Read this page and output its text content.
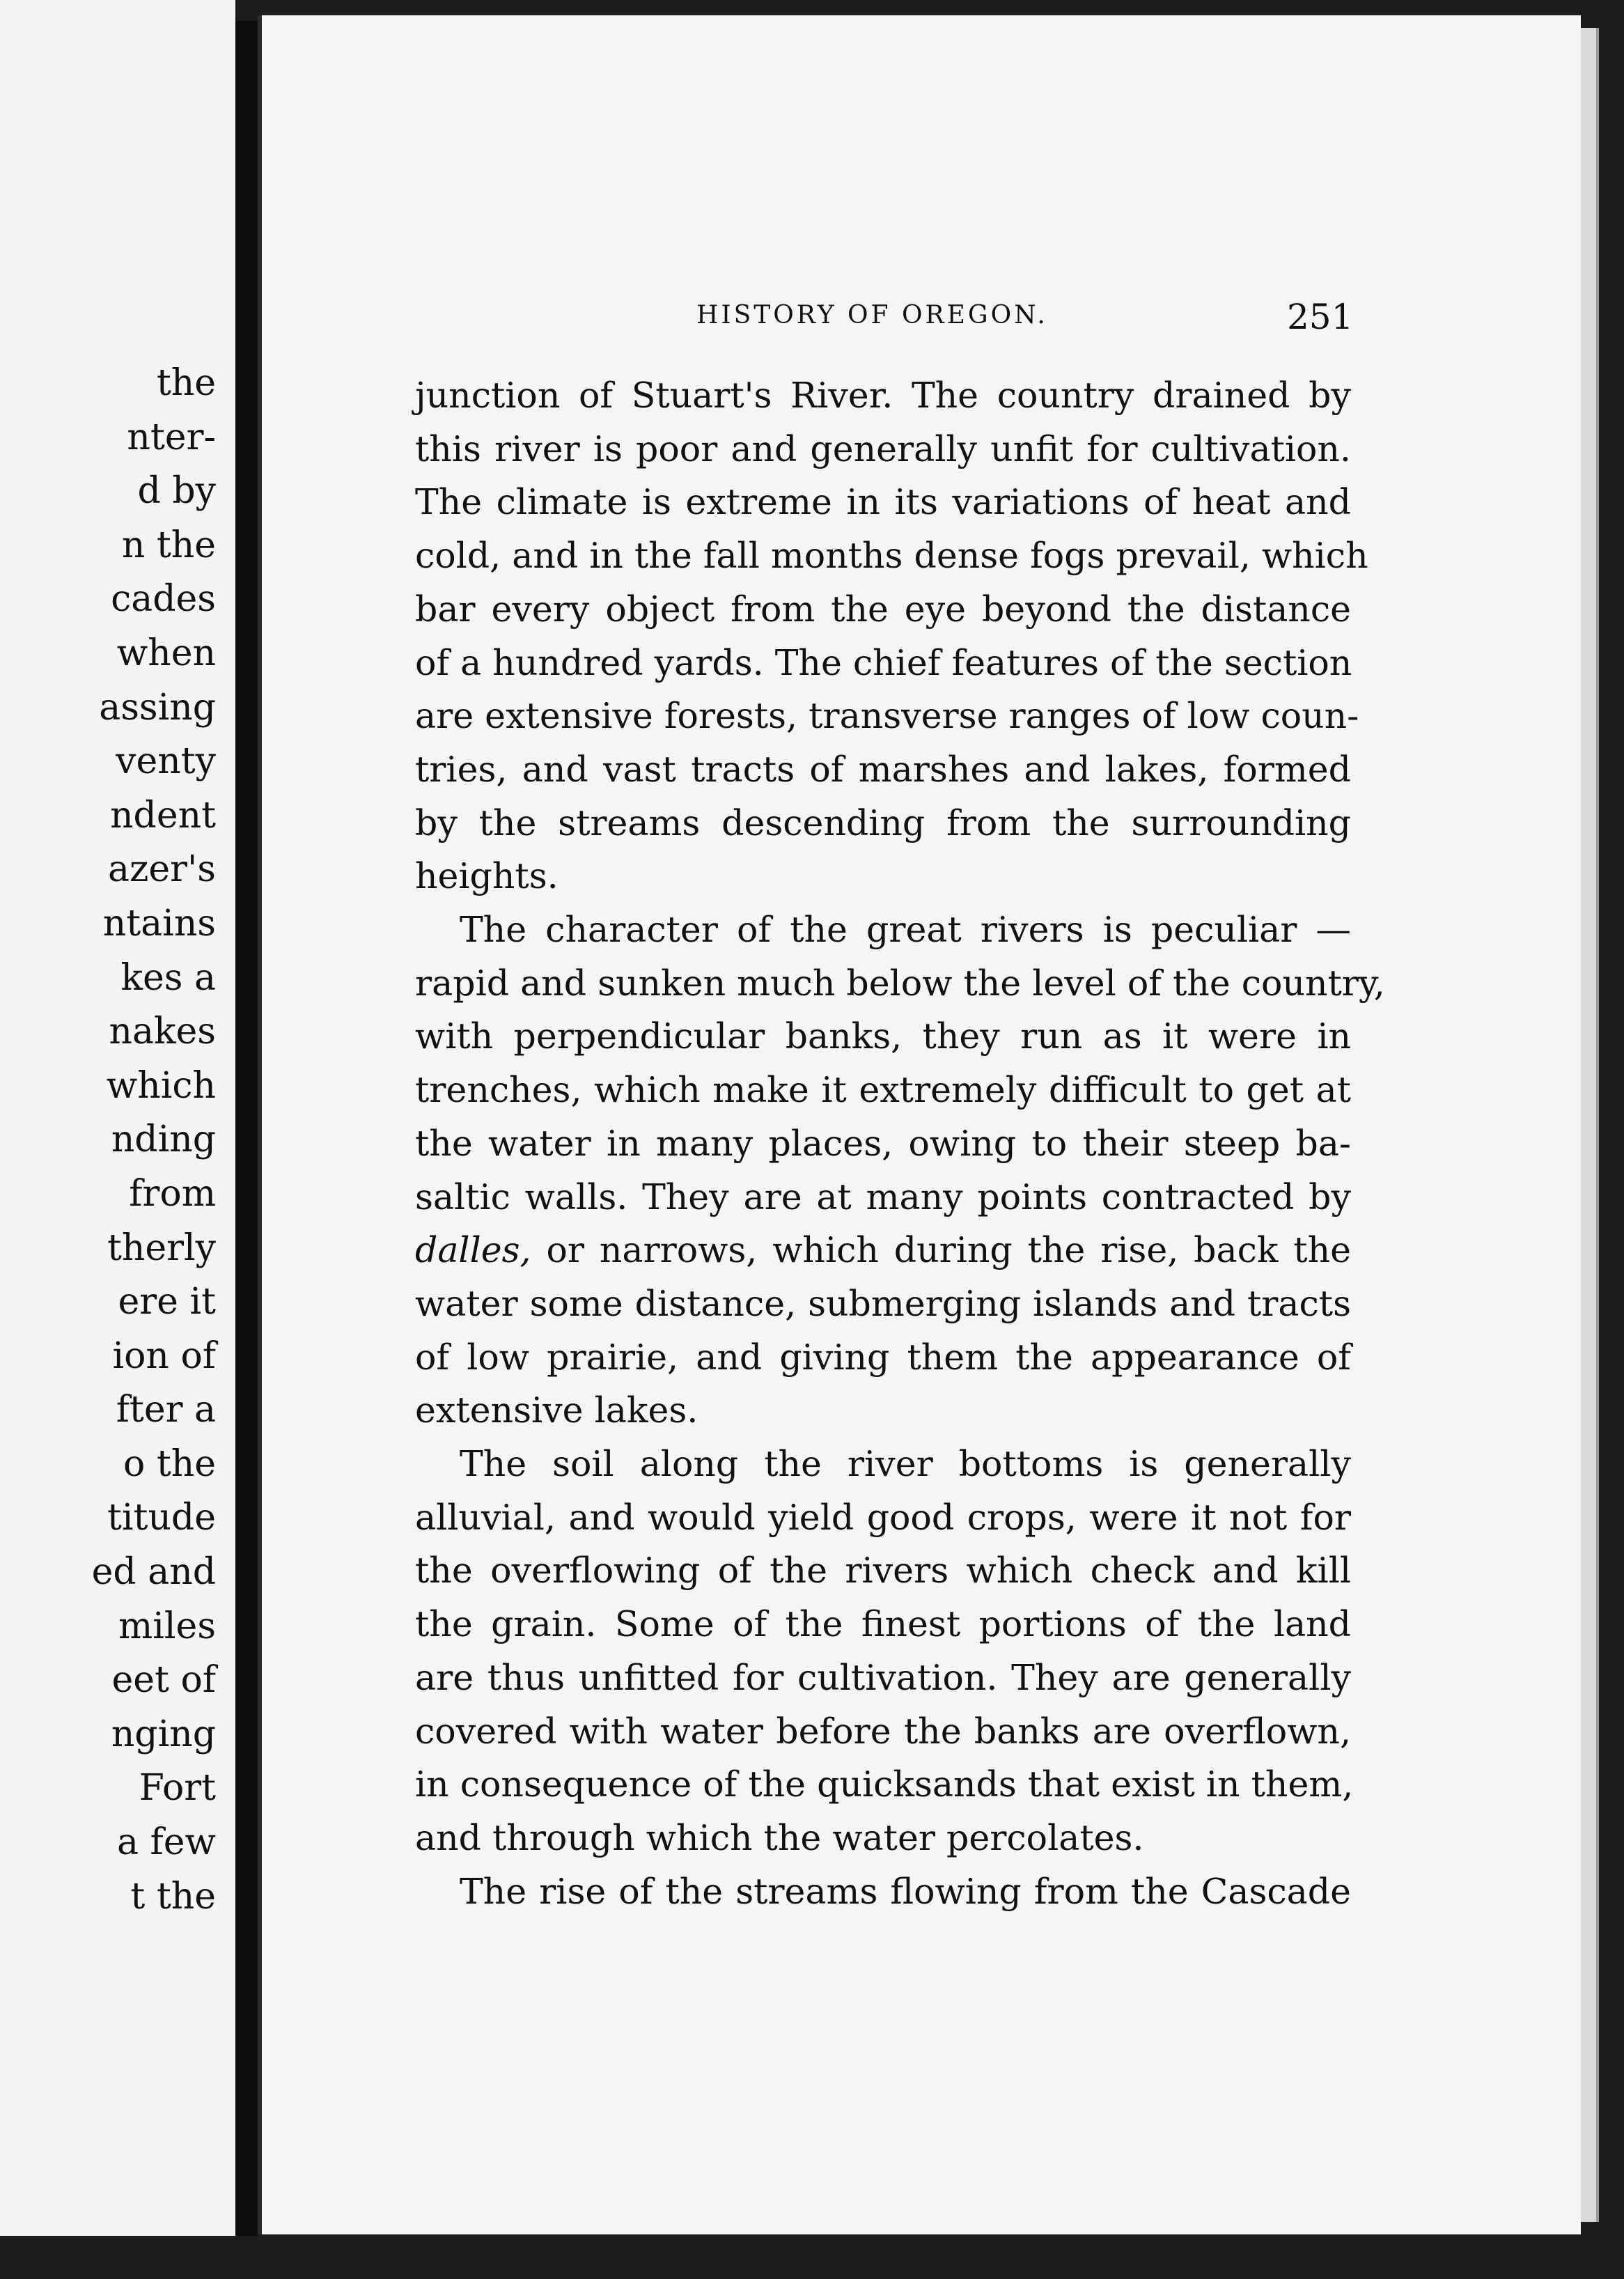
the
nter-
d by
n the
cades
when
assing
venty
ndent
azer's
ntains
kes a
nakes
which
nding
from
therly
ere it
ion of
fter a
o the
titude
ed and
miles
eet of
nging
Fort
a few
t the
HISTORY OF OREGON.	251
junction of Stuart's River. The country drained by
this river is poor and generally unfit for cultivation.
The climate is extreme in its variations of heat and
cold, and in the fall months dense fogs prevail, which
bar every object from the eye beyond the distance
of a hundred yards. The chief features of the section
are extensive forests, transverse ranges of low coun-
tries, and vast tracts of marshes and lakes, formed
by the streams descending from the surrounding
heights.
The character of the great rivers is peculiar —
rapid and sunken much below the level of the country,
with perpendicular banks, they run as it were in
trenches, which make it extremely difficult to get at
the water in many places, owing to their steep ba-
saltic walls. They are at many points contracted by
dalles, or narrows, which during the rise, back the
water some distance, submerging islands and tracts
of low prairie, and giving them the appearance of
extensive lakes.
The soil along the river bottoms is generally
alluvial, and would yield good crops, were it not for
the overflowing of the rivers which check and kill
the grain. Some of the finest portions of the land
are thus unfitted for cultivation. They are generally
covered with water before the banks are overflown,
in consequence of the quicksands that exist in them,
and through which the water percolates.
The rise of the streams flowing from the Cascade
